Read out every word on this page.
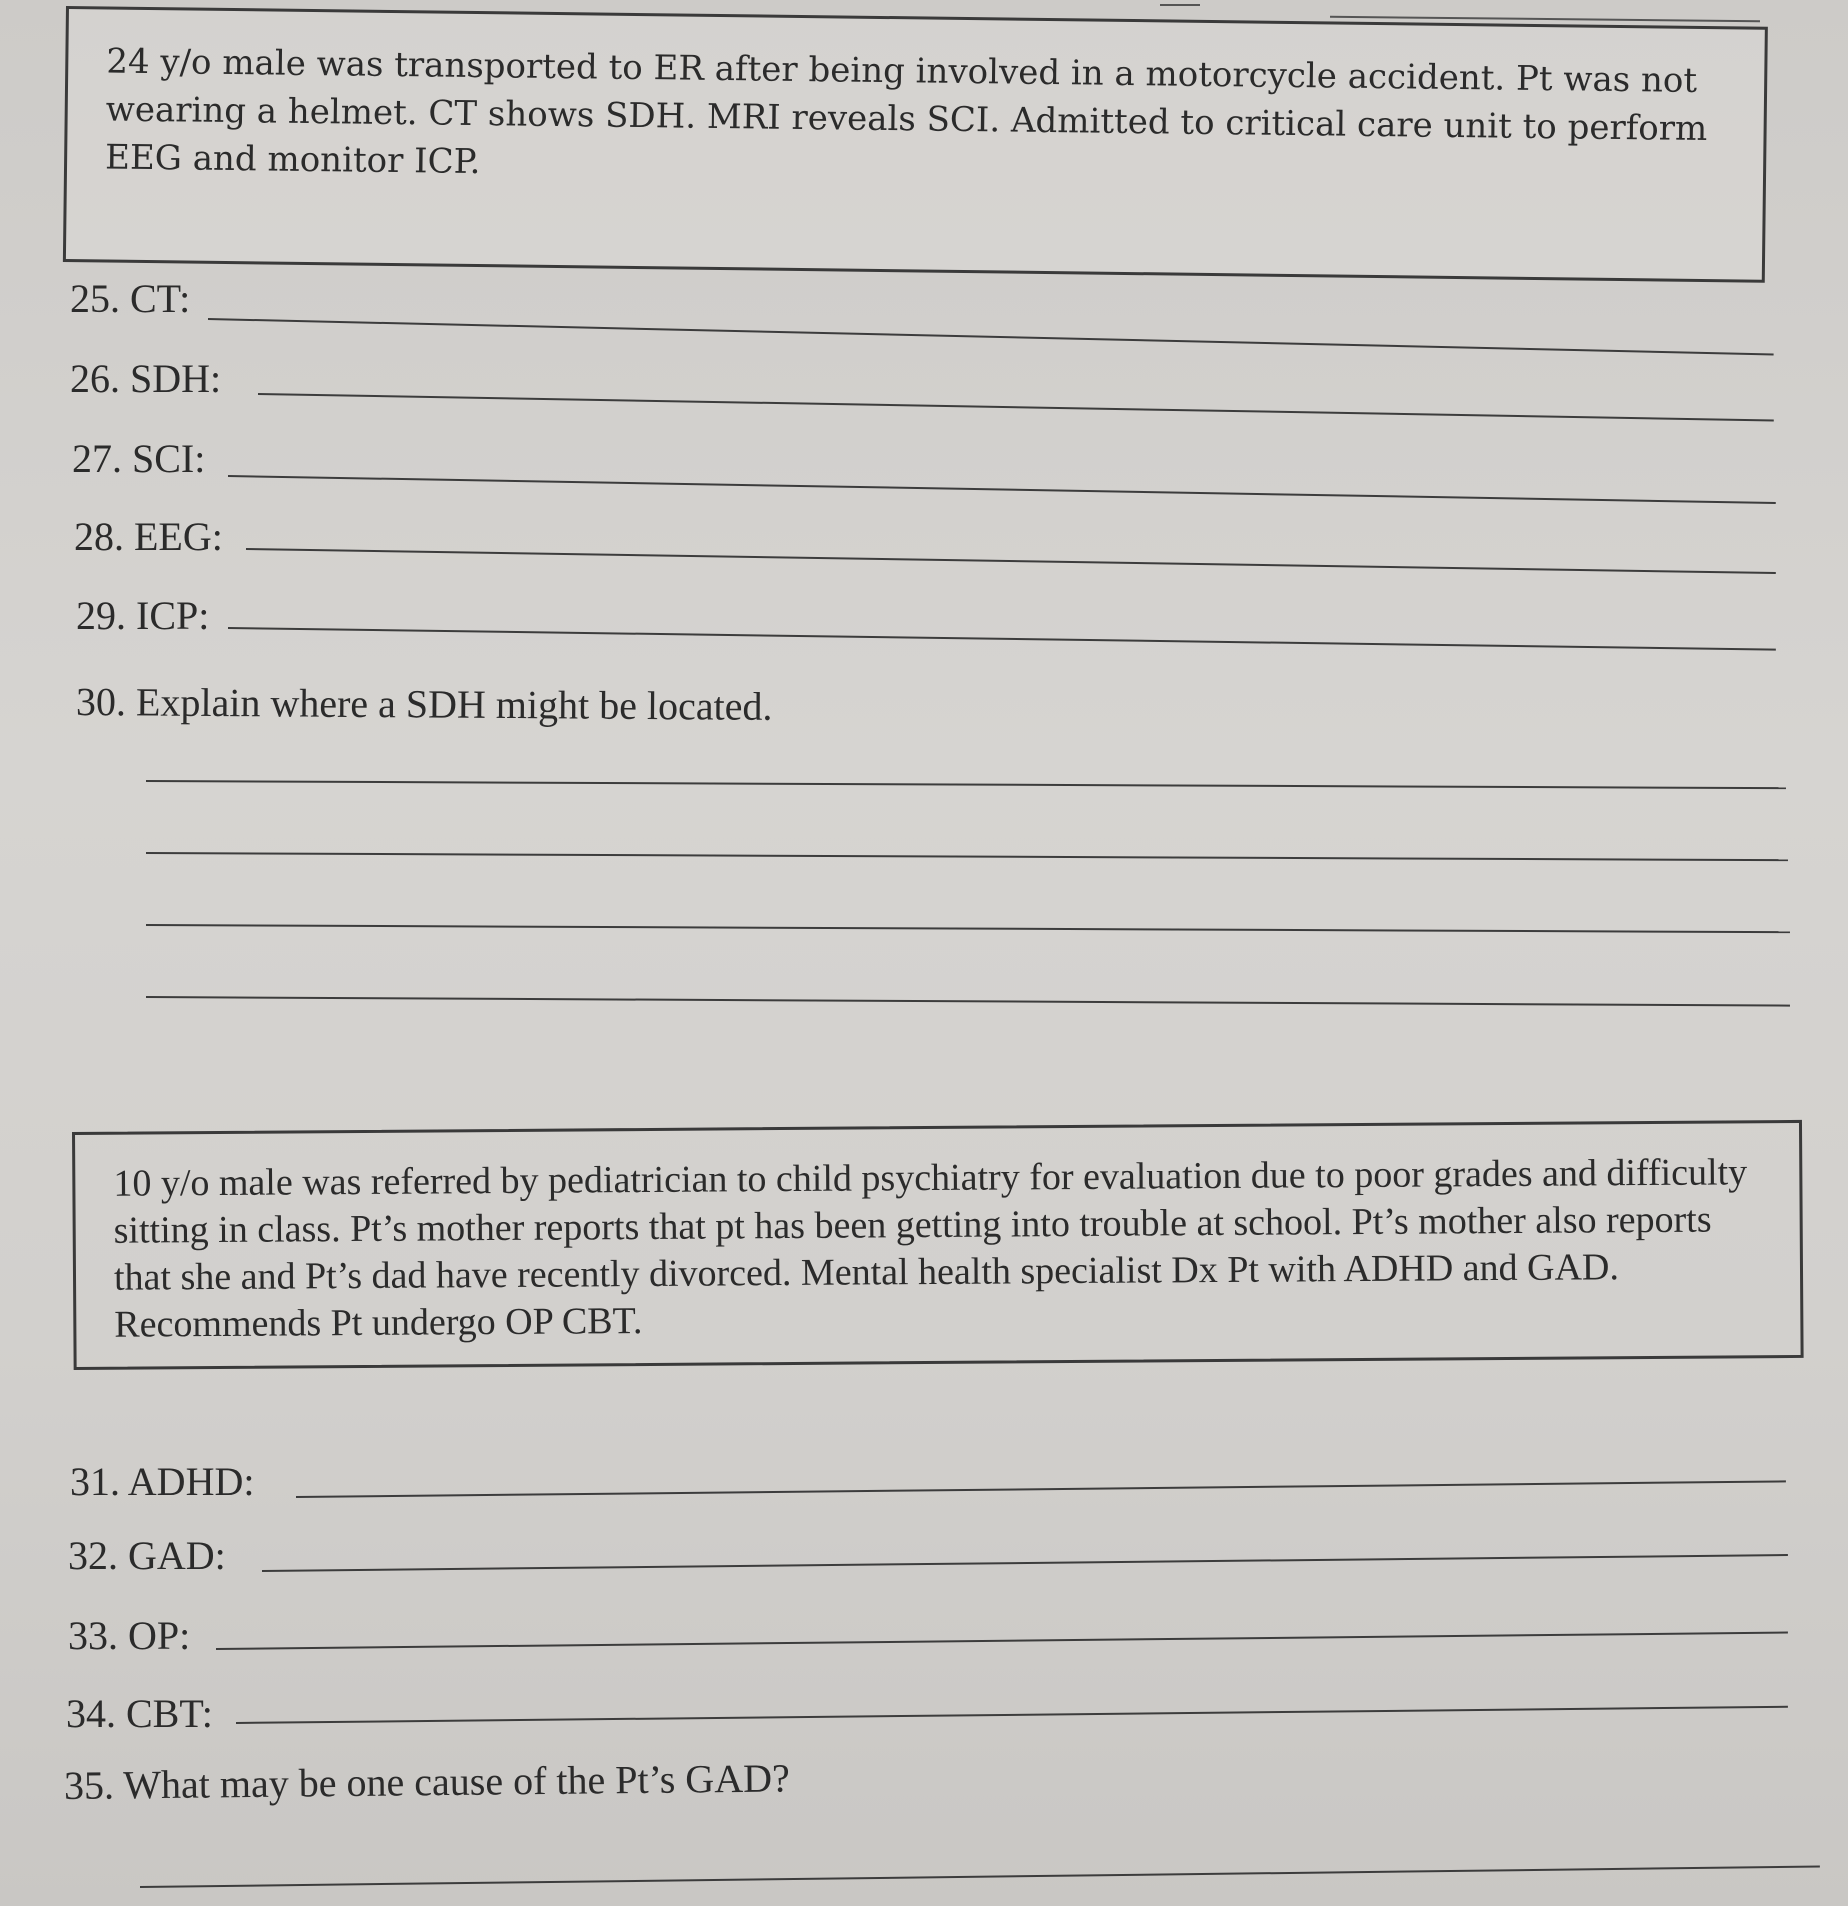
24 y/o male was transported to ER after being involved in a motorcycle accident. Pt was not wearing a helmet. CT shows SDH. MRI reveals SCI. Admitted to critical care unit to perform EEG and monitor ICP.

25. CT:
26. SDH:
27. SCI:
28. EEG:
29. ICP:
30. Explain where a SDH might be located.

10 y/o male was referred by pediatrician to child psychiatry for evaluation due to poor grades and difficulty sitting in class. Pt’s mother reports that pt has been getting into trouble at school. Pt’s mother also reports that she and Pt’s dad have recently divorced. Mental health specialist Dx Pt with ADHD and GAD. Recommends Pt undergo OP CBT.

31. ADHD:
32. GAD:
33. OP:
34. CBT:
35. What may be one cause of the Pt’s GAD?
